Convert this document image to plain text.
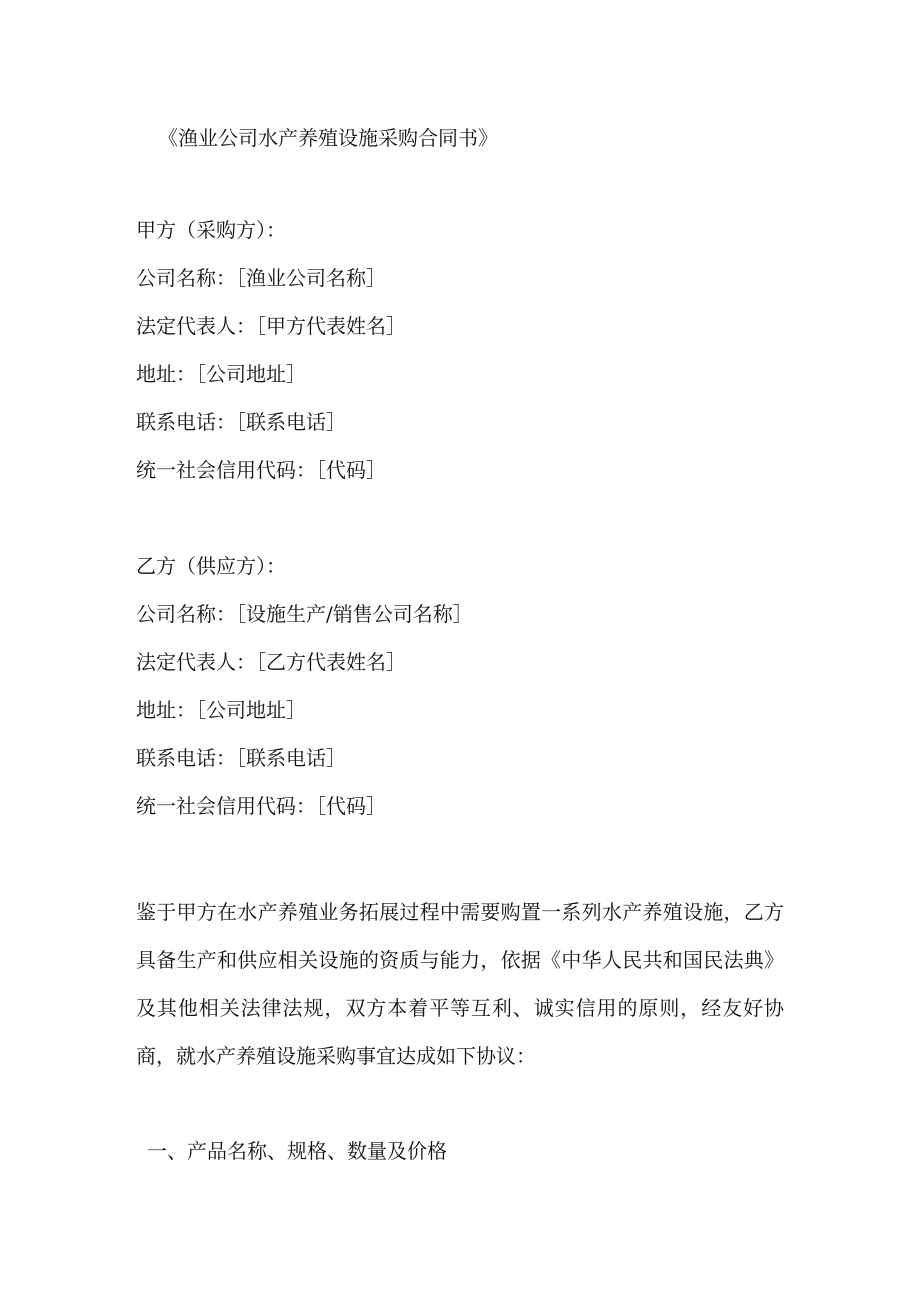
《渔业公司水产养殖设施采购合同书》

甲方（采购方）：

公司名称：［渔业公司名称］

法定代表人：［甲方代表姓名］

地址：［公司地址］

联系电话：［联系电话］

统一社会信用代码：［代码］

乙方（供应方）：

公司名称：［设施生产/销售公司名称］

法定代表人：［乙方代表姓名］

地址：［公司地址］

联系电话：［联系电话］

统一社会信用代码：［代码］

鉴于甲方在水产养殖业务拓展过程中需要购置一系列水产养殖设施，乙方具备生产和供应相关设施的资质与能力，依据《中华人民共和国民法典》及其他相关法律法规，双方本着平等互利、诚实信用的原则，经友好协商，就水产养殖设施采购事宜达成如下协议：

一、产品名称、规格、数量及价格
